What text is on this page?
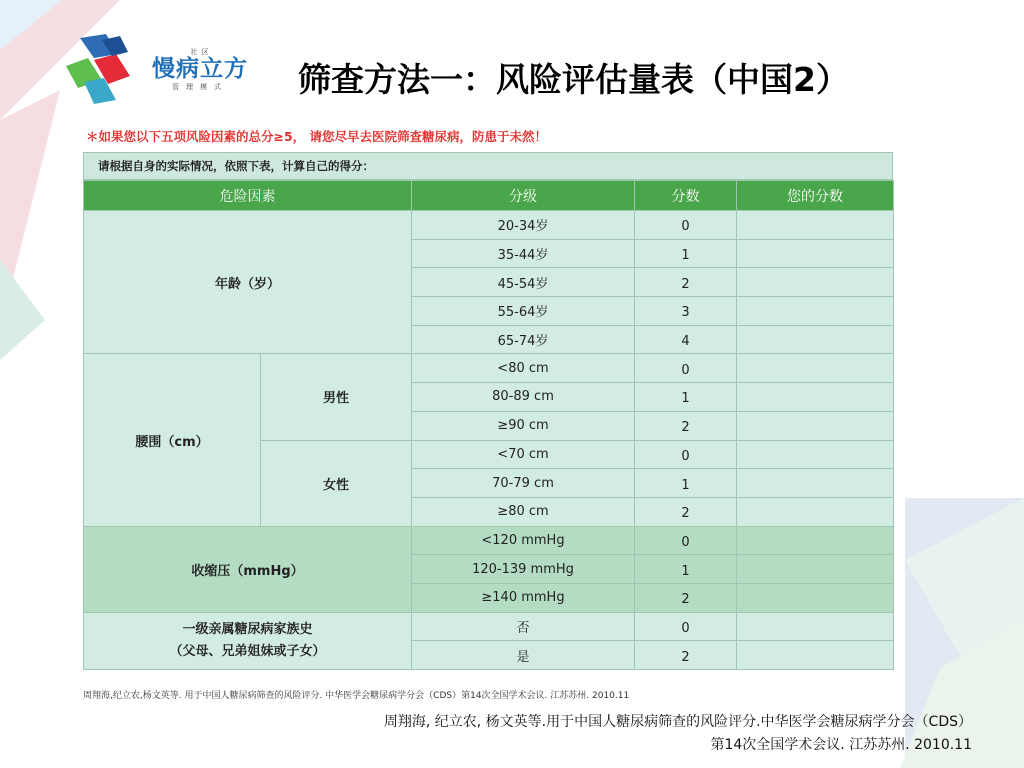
社 区
慢病立方
管理模式	筛查方法一：风险评估量表（中国2）
＊如果您以下五项风险因素的总分≥5， 请您尽早去医院筛查糖尿病，防患于未然！
请根据自身的实际情况，依照下表，计算自己的得分：
危险因素		分级	分数	您的分数
年龄（岁）		20-34岁	0	
		35-44岁	1	
		45-54岁	2	
		55-64岁	3	
		65-74岁	4	
腰围（cm）	男性	<80 cm	0	
		80-89 cm	1	
		≥90 cm	2	
	女性	<70 cm	0	
		70-79 cm	1	
		≥80 cm	2	
收缩压（mmHg）		<120 mmHg	0	
		120-139 mmHg	1	
		≥140 mmHg	2	

一级亲属糖尿病家族史
（父母、兄弟姐妹或子女）		否	0	
		是	2	
周翔海,纪立农,杨文英等. 用于中国人糖尿病筛查的风险评分. 中华医学会糖尿病学分会（CDS）第14次全国学术会议. 江苏苏州. 2010.11
周翔海, 纪立农, 杨文英等.用于中国人糖尿病筛查的风险评分.中华医学会糖尿病学分会（CDS）
第14次全国学术会议. 江苏苏州. 2010.11
